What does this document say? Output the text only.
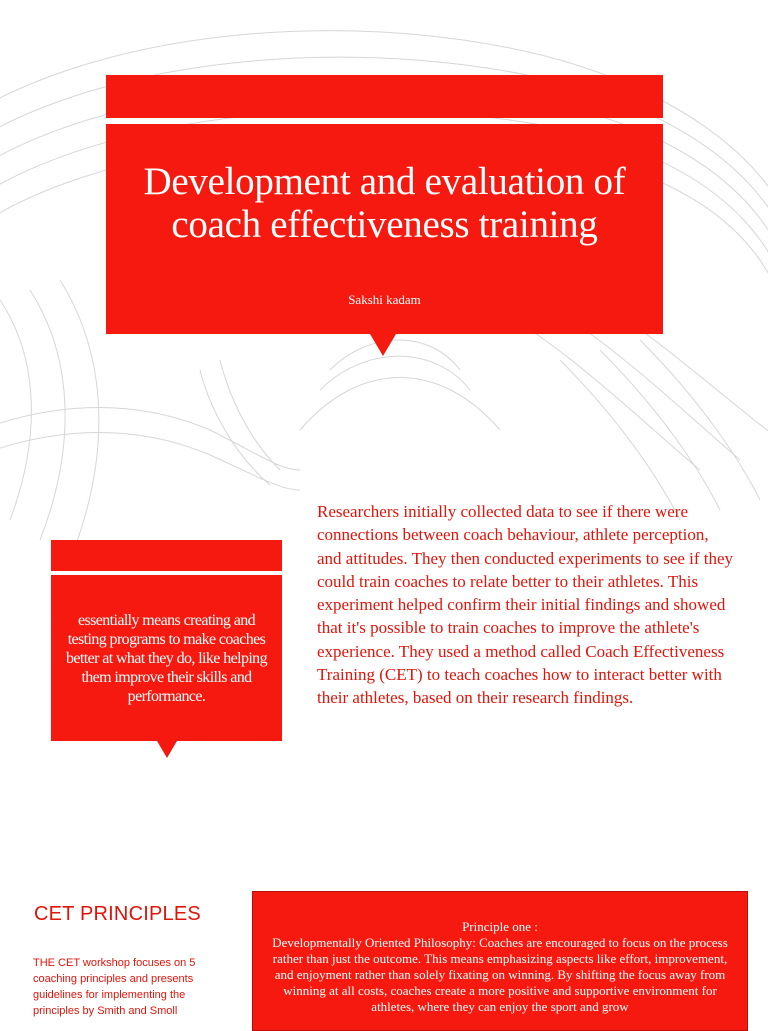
Development and evaluation of coach effectiveness training
Sakshi kadam

essentially means creating and testing programs to make coaches better at what they do, like helping them improve their skills and performance.

Researchers initially collected data to see if there were connections between coach behaviour, athlete perception, and attitudes. They then conducted experiments to see if they could train coaches to relate better to their athletes. This experiment helped confirm their initial findings and showed that it's possible to train coaches to improve the athlete's experience. They used a method called Coach Effectiveness Training (CET) to teach coaches how to interact better with their athletes, based on their research findings.

CET PRINCIPLES

THE CET workshop focuses on 5 coaching principles and presents guidelines for implementing the principles by Smith and Smoll

Principle one :
Developmentally Oriented Philosophy: Coaches are encouraged to focus on the process rather than just the outcome. This means emphasizing aspects like effort, improvement, and enjoyment rather than solely fixating on winning. By shifting the focus away from winning at all costs, coaches create a more positive and supportive environment for athletes, where they can enjoy the sport and grow
